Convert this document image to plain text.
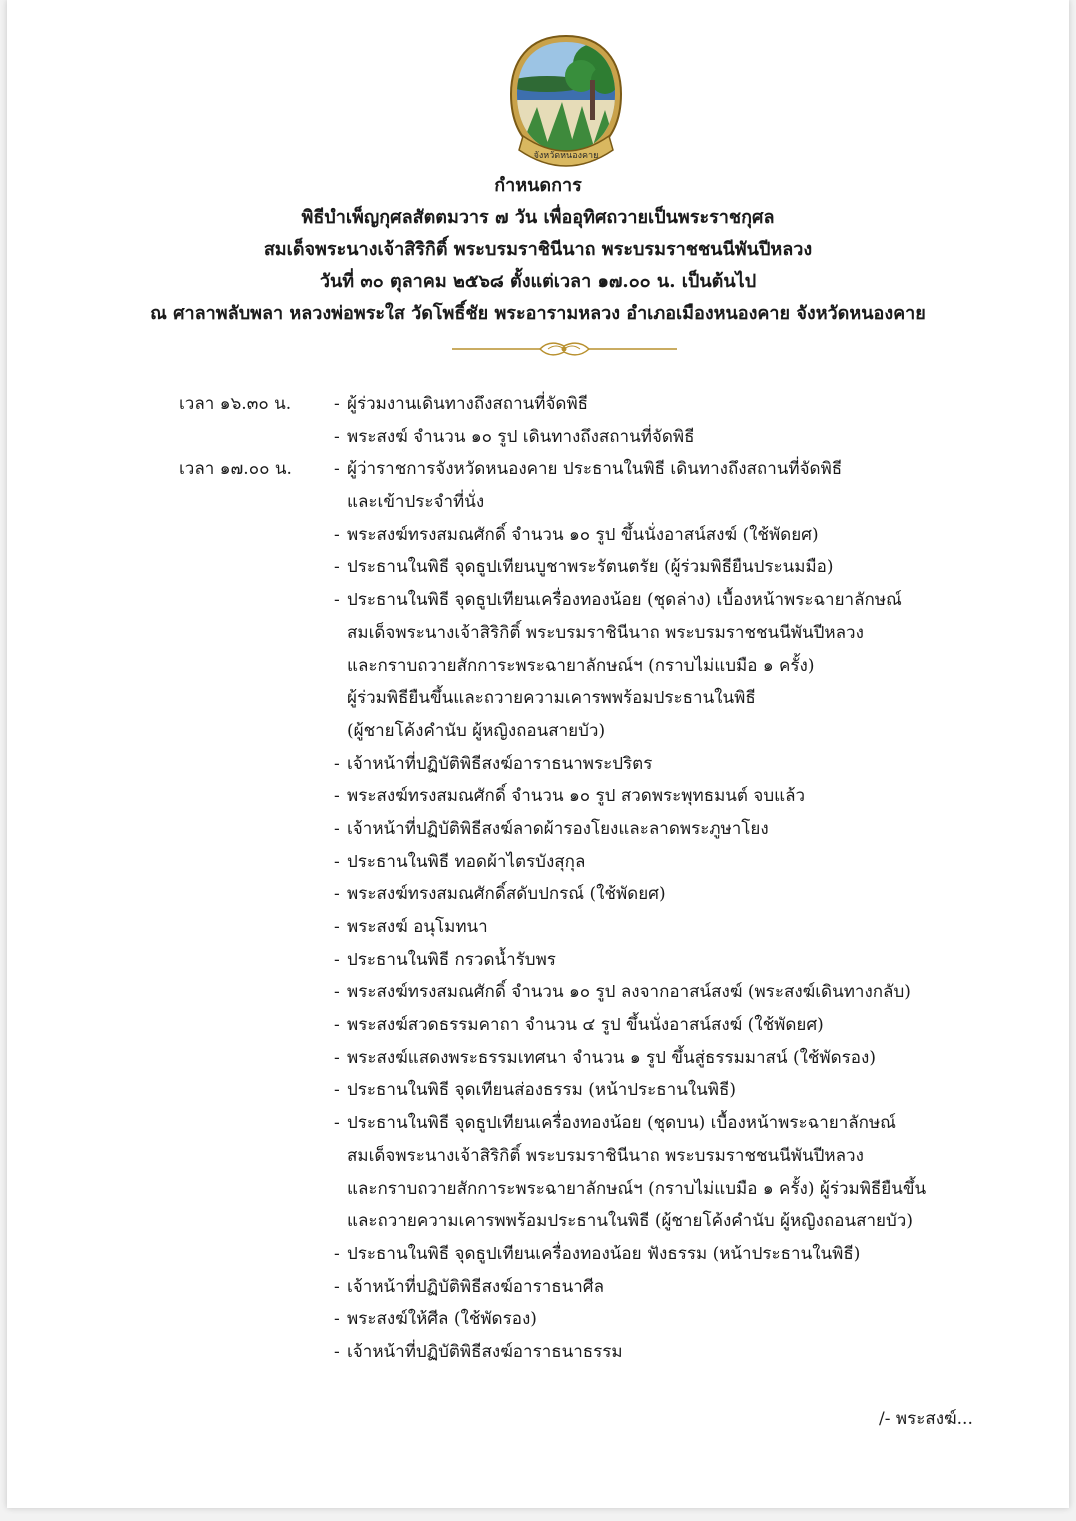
จังหวัดหนองคาย
กำหนดการ
พิธีบำเพ็ญกุศลสัตตมวาร ๗ วัน เพื่ออุทิศถวายเป็นพระราชกุศล
สมเด็จพระนางเจ้าสิริกิติ์ พระบรมราชินีนาถ พระบรมราชชนนีพันปีหลวง
วันที่ ๓๐ ตุลาคม ๒๕๖๘ ตั้งแต่เวลา ๑๗.๐๐ น. เป็นต้นไป
ณ ศาลาพลับพลา หลวงพ่อพระใส วัดโพธิ์ชัย พระอารามหลวง อำเภอเมืองหนองคาย จังหวัดหนองคาย
เวลา ๑๖.๓๐ น.	- ผู้ร่วมงานเดินทางถึงสถานที่จัดพิธี
- พระสงฆ์ จำนวน ๑๐ รูป เดินทางถึงสถานที่จัดพิธี
เวลา ๑๗.๐๐ น. - ผู้ว่าราชการจังหวัดหนองคาย ประธานในพิธี เดินทางถึงสถานที่จัดพิธี
และเข้าประจำที่นั่ง
- พระสงฆ์ทรงสมณศักดิ์ จำนวน ๑๐ รูป ขึ้นนั่งอาสน์สงฆ์ (ใช้พัดยศ)
- ประธานในพิธี จุดธูปเทียนบูชาพระรัตนตรัย (ผู้ร่วมพิธียืนประนมมือ)
- ประธานในพิธี จุดธูปเทียนเครื่องทองน้อย (ชุดล่าง) เบื้องหน้าพระฉายาลักษณ์
สมเด็จพระนางเจ้าสิริกิติ์ พระบรมราชินีนาถ พระบรมราชชนนีพันปีหลวง
และกราบถวายสักการะพระฉายาลักษณ์ฯ (กราบไม่แบมือ ๑ ครั้ง)
ผู้ร่วมพิธียืนขึ้นและถวายความเคารพพร้อมประธานในพิธี
(ผู้ชายโค้งคำนับ ผู้หญิงถอนสายบัว)
- เจ้าหน้าที่ปฏิบัติพิธีสงฆ์อาราธนาพระปริตร
- พระสงฆ์ทรงสมณศักดิ์ จำนวน ๑๐ รูป สวดพระพุทธมนต์ จบแล้ว
- เจ้าหน้าที่ปฏิบัติพิธีสงฆ์ลาดผ้ารองโยงและลาดพระภูษาโยง
- ประธานในพิธี ทอดผ้าไตรบังสุกุล
- พระสงฆ์ทรงสมณศักดิ์สดับปกรณ์ (ใช้พัดยศ)
- พระสงฆ์ อนุโมทนา
- ประธานในพิธี กรวดน้ำรับพร
- พระสงฆ์ทรงสมณศักดิ์ จำนวน ๑๐ รูป ลงจากอาสน์สงฆ์ (พระสงฆ์เดินทางกลับ)
- พระสงฆ์สวดธรรมคาถา จำนวน ๔ รูป ขึ้นนั่งอาสน์สงฆ์ (ใช้พัดยศ)
- พระสงฆ์แสดงพระธรรมเทศนา จำนวน ๑ รูป ขึ้นสู่ธรรมมาสน์ (ใช้พัดรอง)
- ประธานในพิธี จุดเทียนส่องธรรม (หน้าประธานในพิธี)
- ประธานในพิธี จุดธูปเทียนเครื่องทองน้อย (ชุดบน) เบื้องหน้าพระฉายาลักษณ์
สมเด็จพระนางเจ้าสิริกิติ์ พระบรมราชินีนาถ พระบรมราชชนนีพันปีหลวง
และกราบถวายสักการะพระฉายาลักษณ์ฯ (กราบไม่แบมือ ๑ ครั้ง) ผู้ร่วมพิธียืนขึ้น
และถวายความเคารพพร้อมประธานในพิธี (ผู้ชายโค้งคำนับ ผู้หญิงถอนสายบัว)
- ประธานในพิธี จุดธูปเทียนเครื่องทองน้อย ฟังธรรม (หน้าประธานในพิธี)
- เจ้าหน้าที่ปฏิบัติพิธีสงฆ์อาราธนาศีล
- พระสงฆ์ให้ศีล (ใช้พัดรอง)
- เจ้าหน้าที่ปฏิบัติพิธีสงฆ์อาราธนาธรรม
/- พระสงฆ์...
